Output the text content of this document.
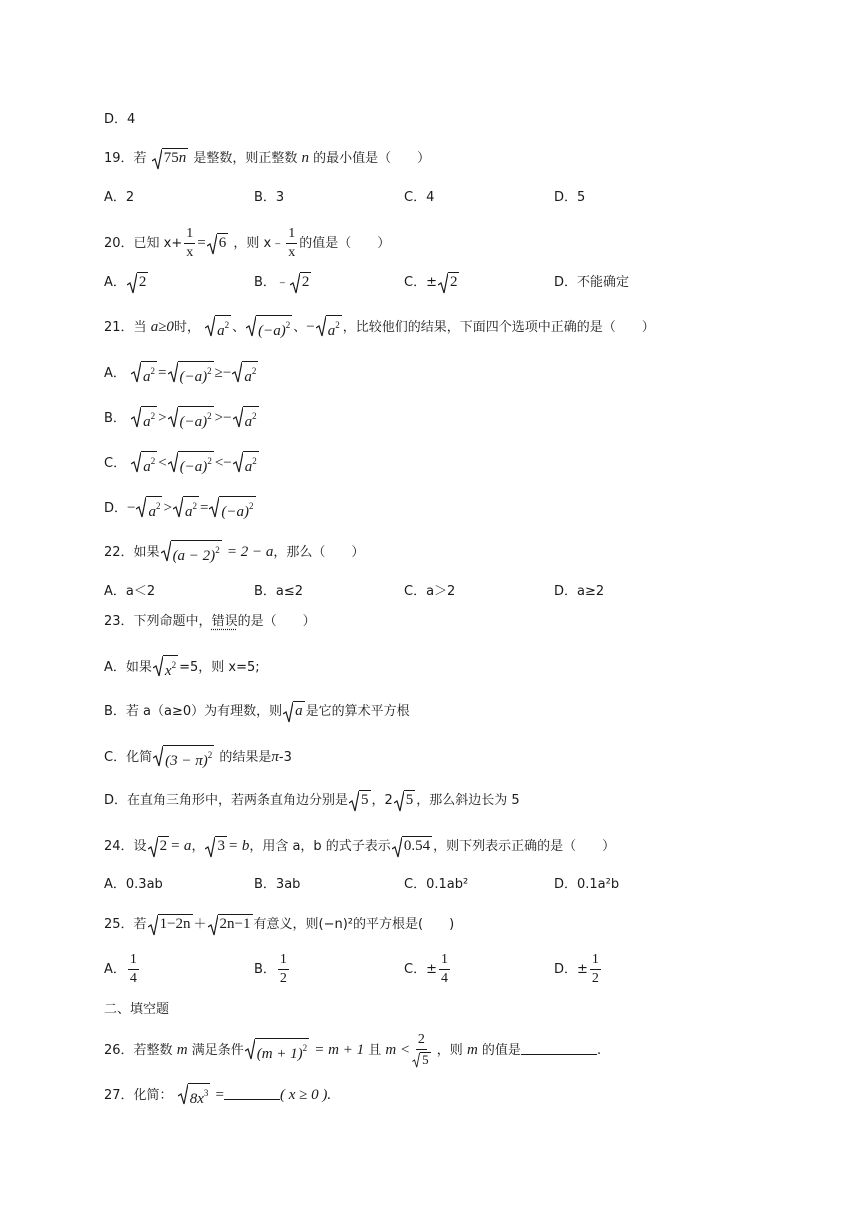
D．4
19．若 75n 是整数，则正整数 n 的最小值是（　　）
A．2	B．3	C．4	D．5
20．已知 $x+ \frac{1}{x} = 6$ ，则 x﹣ $\frac{1}{x}$ 的值是（　　）
A． 2	B．﹣ 2	C．± 2	D．不能确定
21．当 a≥0时， $a^2$ 、 $(-a)^2$ 、− $a^2$ ，比较他们的结果，下面四个选项中正确的是（　　）
A． $a^2 = (-a)^2 \ge- a^2$
B． $a^2 > (-a)^2 >- a^2$
C． $a^2 < (-a)^2 <- a^2$
D．− $a^2 > a^2 = (-a)^2$
22．如果 $(a - 2)^2 = 2 - a$，那么（　　）
A．a＜2	B．a≤2	C．a＞2	D．a≥2
23．下列命题中，错误的是（　　）
A．如果 $x^2 =5$，则 x=5;
B．若 a（a≥0）为有理数，则 a 是它的算术平方根
C．化简 $(3 - \pi)^2$ 的结果是π-3
D．在直角三角形中，若两条直角边分别是 5 ，2 5 ，那么斜边长为 5
24．设 2 = a， 3 = b，用含 a，b 的式子表示 0.54 ，则下列表示正确的是（　　）
A．0.3ab	B．3ab	C．0.1ab²	D．0.1a²b
25．若 1−2n ＋ 2n−1 有意义，则(−n)²的平方根是(　　)
A． $\frac{1}{4}$	B． $\frac{1}{2}$	C．± $\frac{1}{4}$	D．± $\frac{1}{2}$
二、填空题
26．若整数 m 满足条件 $(m + 1)^2 = m + 1$ 且 $m < \frac{2}{5}$ ，则 m 的值是	.
27．化简： $8x^3$ =	( x ≥ 0 ).
